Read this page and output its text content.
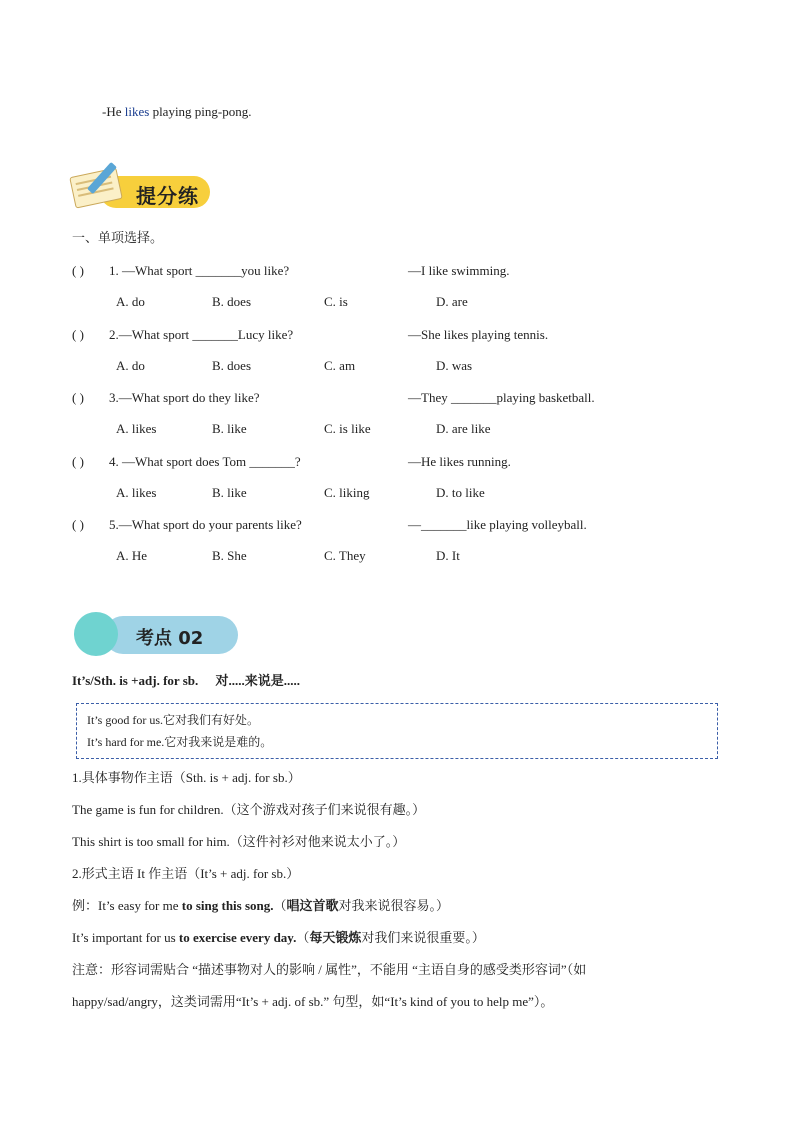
-He likes playing ping-pong.
提分练
一、单项选择。
( ) 1. —What sport _______you like?	—I like swimming.
A. do	B. does	C. is	D. are
( ) 2.—What sport _______Lucy like?	—She likes playing tennis.
A. do	B. does	C. am	D. was
( ) 3.—What sport do they like?	—They _______playing basketball.
A. likes	B. like	C. is like	D. are like
( ) 4. —What sport does Tom _______?	—He likes running.
A. likes	B. like	C. liking	D. to like
( ) 5.—What sport do your parents like?	—_______like playing volleyball.
A. He	B. She	C. They	D. It
考点 02
It’s/Sth. is +adj. for sb. 对.....来说是.....
It’s good for us.它对我们有好处。
It’s hard for me.它对我来说是难的。
1.具体事物作主语（Sth. is + adj. for sb.）
The game is fun for children.（这个游戏对孩子们来说很有趣。）
This shirt is too small for him.（这件衬衫对他来说太小了。）
2.形式主语 It 作主语（It’s + adj. for sb.）
例：It’s easy for me to sing this song.（唱这首歌对我来说很容易。）
It’s important for us to exercise every day.（每天锻炼对我们来说很重要。）
注意：形容词需贴合 “描述事物对人的影响 / 属性”，不能用 “主语自身的感受类形容词”（如
happy/sad/angry，这类词需用“It’s + adj. of sb.” 句型，如“It’s kind of you to help me”）。
